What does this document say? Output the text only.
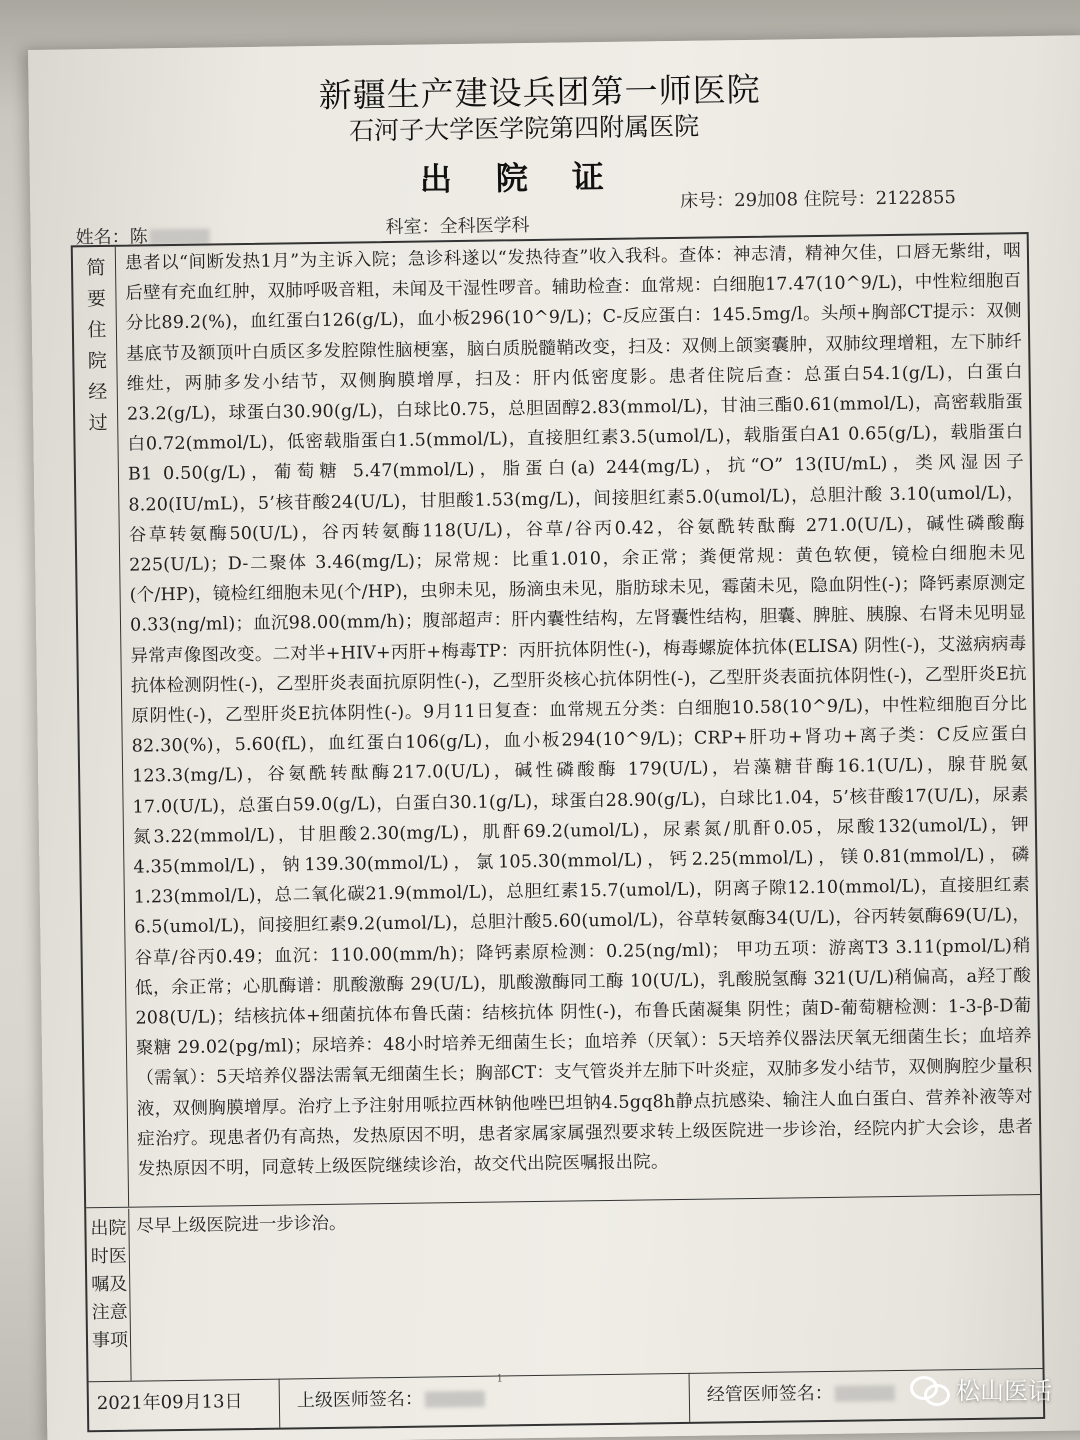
新疆生产建设兵团第一师医院
石河子大学医学院第四附属医院
出院证
姓名：陈	科室：全科医学科
床号：29加08 住院号：2122855
简要住院经过
患者以“间断发热1月”为主诉入院；急诊科遂以“发热待查”收入我科。查体：神志清，精神欠佳，口唇无紫绀，咽后壁有充血红肿，双肺呼吸音粗，未闻及干湿性啰音。辅助检查：血常规：白细胞17.47(10^9/L)，中性粒细胞百分比89.2(%)，血红蛋白126(g/L)，血小板296(10^9/L)；C-反应蛋白：145.5mg/l。头颅+胸部CT提示：双侧基底节及额顶叶白质区多发腔隙性脑梗塞，脑白质脱髓鞘改变，扫及：双侧上颌窦囊肿，双肺纹理增粗，左下肺纤维灶，两肺多发小结节，双侧胸膜增厚，扫及：肝内低密度影。患者住院后查：总蛋白54.1(g/L)，白蛋白23.2(g/L)，球蛋白30.90(g/L)，白球比0.75，总胆固醇2.83(mmol/L)，甘油三酯0.61(mmol/L)，高密载脂蛋白0.72(mmol/L)，低密载脂蛋白1.5(mmol/L)，直接胆红素3.5(umol/L)，载脂蛋白A1 0.65(g/L)，载脂蛋白B1 0.50(g/L)，葡萄糖 5.47(mmol/L)，脂蛋白(a) 244(mg/L)，抗“O” 13(IU/mL)，类风湿因子8.20(IU/mL)，5’核苷酸24(U/L)，甘胆酸1.53(mg/L)，间接胆红素5.0(umol/L)，总胆汁酸 3.10(umol/L)，谷草转氨酶50(U/L)，谷丙转氨酶118(U/L)，谷草/谷丙0.42，谷氨酰转酞酶 271.0(U/L)，碱性磷酸酶 225(U/L)；D-二聚体 3.46(mg/L)；尿常规：比重1.010，余正常；粪便常规：黄色软便，镜检白细胞未见(个/HP)，镜检红细胞未见(个/HP)，虫卵未见，肠滴虫未见，脂肪球未见，霉菌未见，隐血阴性(-)；降钙素原测定0.33(ng/ml)；血沉98.00(mm/h)；腹部超声：肝内囊性结构，左肾囊性结构，胆囊、脾脏、胰腺、右肾未见明显异常声像图改变。二对半+HIV+丙肝+梅毒TP：丙肝抗体阴性(-)，梅毒螺旋体抗体(ELISA) 阴性(-)，艾滋病病毒抗体检测阴性(-)，乙型肝炎表面抗原阴性(-)，乙型肝炎核心抗体阴性(-)，乙型肝炎表面抗体阴性(-)，乙型肝炎E抗原阴性(-)，乙型肝炎E抗体阴性(-)。9月11日复查：血常规五分类：白细胞10.58(10^9/L)，中性粒细胞百分比82.30(%)，5.60(fL)，血红蛋白106(g/L)，血小板294(10^9/L)；CRP+肝功+肾功+离子类：C反应蛋白123.3(mg/L)，谷氨酰转酞酶217.0(U/L)，碱性磷酸酶 179(U/L)，岩藻糖苷酶16.1(U/L)，腺苷脱氨17.0(U/L)，总蛋白59.0(g/L)，白蛋白30.1(g/L)，球蛋白28.90(g/L)，白球比1.04，5’核苷酸17(U/L)，尿素氮3.22(mmol/L)，甘胆酸2.30(mg/L)，肌酐69.2(umol/L)，尿素氮/肌酐0.05，尿酸132(umol/L)，钾4.35(mmol/L)，钠139.30(mmol/L)，氯105.30(mmol/L)，钙2.25(mmol/L)，镁0.81(mmol/L)，磷1.23(mmol/L)，总二氧化碳21.9(mmol/L)，总胆红素15.7(umol/L)，阴离子隙12.10(mmol/L)，直接胆红素6.5(umol/L)，间接胆红素9.2(umol/L)，总胆汁酸5.60(umol/L)，谷草转氨酶34(U/L)，谷丙转氨酶69(U/L)，谷草/谷丙0.49；血沉：110.00(mm/h)；降钙素原检测：0.25(ng/ml)； 甲功五项：游离T3 3.11(pmol/L)稍低，余正常；心肌酶谱：肌酸激酶 29(U/L)，肌酸激酶同工酶 10(U/L)，乳酸脱氢酶 321(U/L)稍偏高，a羟丁酸 208(U/L)；结核抗体+细菌抗体布鲁氏菌：结核抗体 阴性(-)，布鲁氏菌凝集 阴性；菌D-葡萄糖检测：1-3-β-D葡聚糖 29.02(pg/ml)；尿培养：48小时培养无细菌生长；血培养（厌氧）：5天培养仪器法厌氧无细菌生长；血培养（需氧）：5天培养仪器法需氧无细菌生长；胸部CT：支气管炎并左肺下叶炎症，双肺多发小结节，双侧胸腔少量积液，双侧胸膜增厚。治疗上予注射用哌拉西林钠他唑巴坦钠4.5gq8h静点抗感染、输注人血白蛋白、营养补液等对症治疗。现患者仍有高热，发热原因不明，患者家属家属强烈要求转上级医院进一步诊治，经院内扩大会诊，患者发热原因不明，同意转上级医院继续诊治，故交代出院医嘱报出院。
出院时医嘱及注意事项
尽早上级医院进一步诊治。
2021年09月13日	上级医师签名：	经管医师签名：
1	松山医话
